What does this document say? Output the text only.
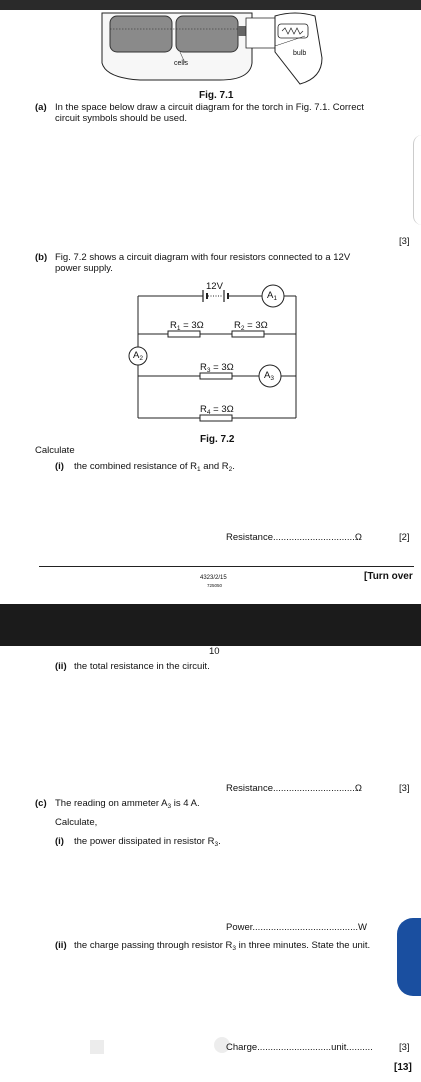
cells
bulb
Fig. 7.1
(a) In the space below draw a circuit diagram for the torch in Fig. 7.1. Correct
circuit symbols should be used.
[3]
(b) Fig. 7.2 shows a circuit diagram with four resistors connected to a 12V
power supply.
12V
$A_1$
$A_2$
$A_3$
$R_1 = 3\Omega$	$R_2 = 3\Omega$
$R_3 = 3\Omega$
$R_4 = 3\Omega$
Fig. 7.2
Calculate
(i) the combined resistance of $R_1$ and $R_2$.
Resistance...............................Ω	[2]
4323/2/15
725050
[Turn over
10
(ii) the total resistance in the circuit.
Resistance...............................Ω	[3]
(c) The reading on ammeter $A_3$ is 4 A.
Calculate,
(i) the power dissipated in resistor $R_3$.
Power........................................W
(ii) the charge passing through resistor $R_3$ in three minutes. State the unit.
Charge............................unit..........	[3]
[13]
